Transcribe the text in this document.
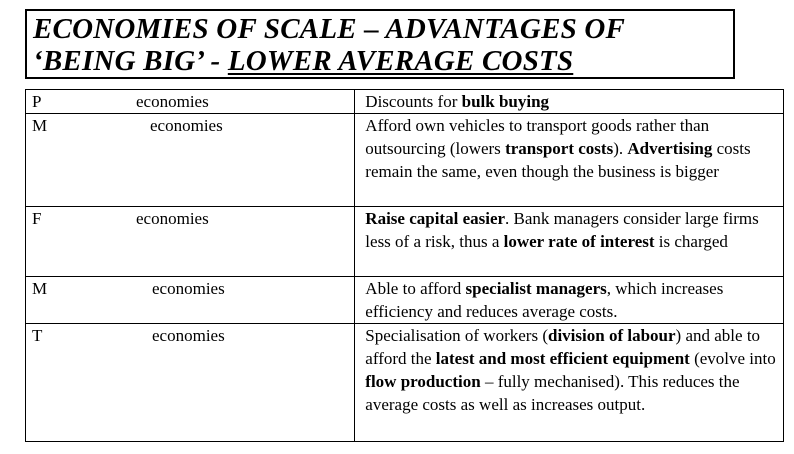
ECONOMIES OF SCALE – ADVANTAGES OF
‘BEING BIG’ - LOWER AVERAGE COSTS
P economies	Discounts for bulk buying

M economies	Afford own vehicles to transport goods rather than outsourcing (lowers transport costs). Advertising costs remain the same, even though the business is bigger

F economies	Raise capital easier. Bank managers consider large firms less of a risk, thus a lower rate of interest is charged

M economies	Able to afford specialist managers, which increases efficiency and reduces average costs.

T economies	Specialisation of workers (division of labour) and able to afford the latest and most efficient equipment (evolve into flow production – fully mechanised). This reduces the average costs as well as increases output.
